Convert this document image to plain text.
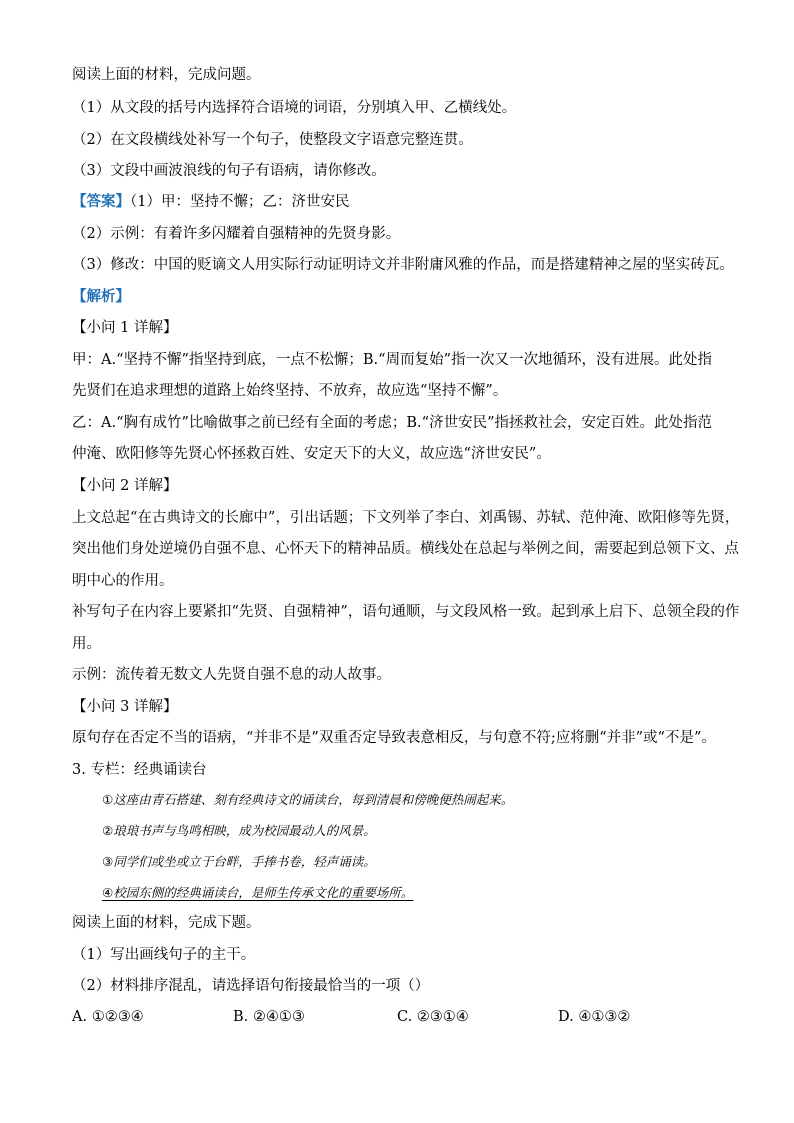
阅读上面的材料，完成问题。
（1）从文段的括号内选择符合语境的词语，分别填入甲、乙横线处。
（2）在文段横线处补写一个句子，使整段文字语意完整连贯。
（3）文段中画波浪线的句子有语病，请你修改。
【答案】（1）甲：坚持不懈；乙：济世安民
（2）示例：有着许多闪耀着自强精神的先贤身影。
（3）修改：中国的贬谪文人用实际行动证明诗文并非附庸风雅的作品，而是搭建精神之屋的坚实砖瓦。
【解析】
【小问 1 详解】
甲：A.“坚持不懈”指坚持到底，一点不松懈；B.“周而复始”指一次又一次地循环，没有进展。此处指
先贤们在追求理想的道路上始终坚持、不放弃，故应选“坚持不懈”。
乙：A.“胸有成竹”比喻做事之前已经有全面的考虑；B.“济世安民”指拯救社会，安定百姓。此处指范
仲淹、欧阳修等先贤心怀拯救百姓、安定天下的大义，故应选“济世安民”。
【小问 2 详解】
上文总起“在古典诗文的长廊中”，引出话题；下文列举了李白、刘禹锡、苏轼、范仲淹、欧阳修等先贤，
突出他们身处逆境仍自强不息、心怀天下的精神品质。横线处在总起与举例之间，需要起到总领下文、点
明中心的作用。
补写句子在内容上要紧扣“先贤、自强精神”，语句通顺，与文段风格一致。起到承上启下、总领全段的作
用。
示例：流传着无数文人先贤自强不息的动人故事。
【小问 3 详解】
原句存在否定不当的语病，“并非不是”双重否定导致表意相反，与句意不符;应将删“并非”或“不是”。
3. 专栏：经典诵读台
①这座由青石搭建、刻有经典诗文的诵读台，每到清晨和傍晚便热闹起来。
②琅琅书声与鸟鸣相映，成为校园最动人的风景。
③同学们或坐或立于台畔，手捧书卷，轻声诵读。
④校园东侧的经典诵读台，是师生传承文化的重要场所。
阅读上面的材料，完成下题。
（1）写出画线句子的主干。
（2）材料排序混乱，请选择语句衔接最恰当的一项（）
A. ①②③④	B. ②④①③	C. ②③①④	D. ④①③②
